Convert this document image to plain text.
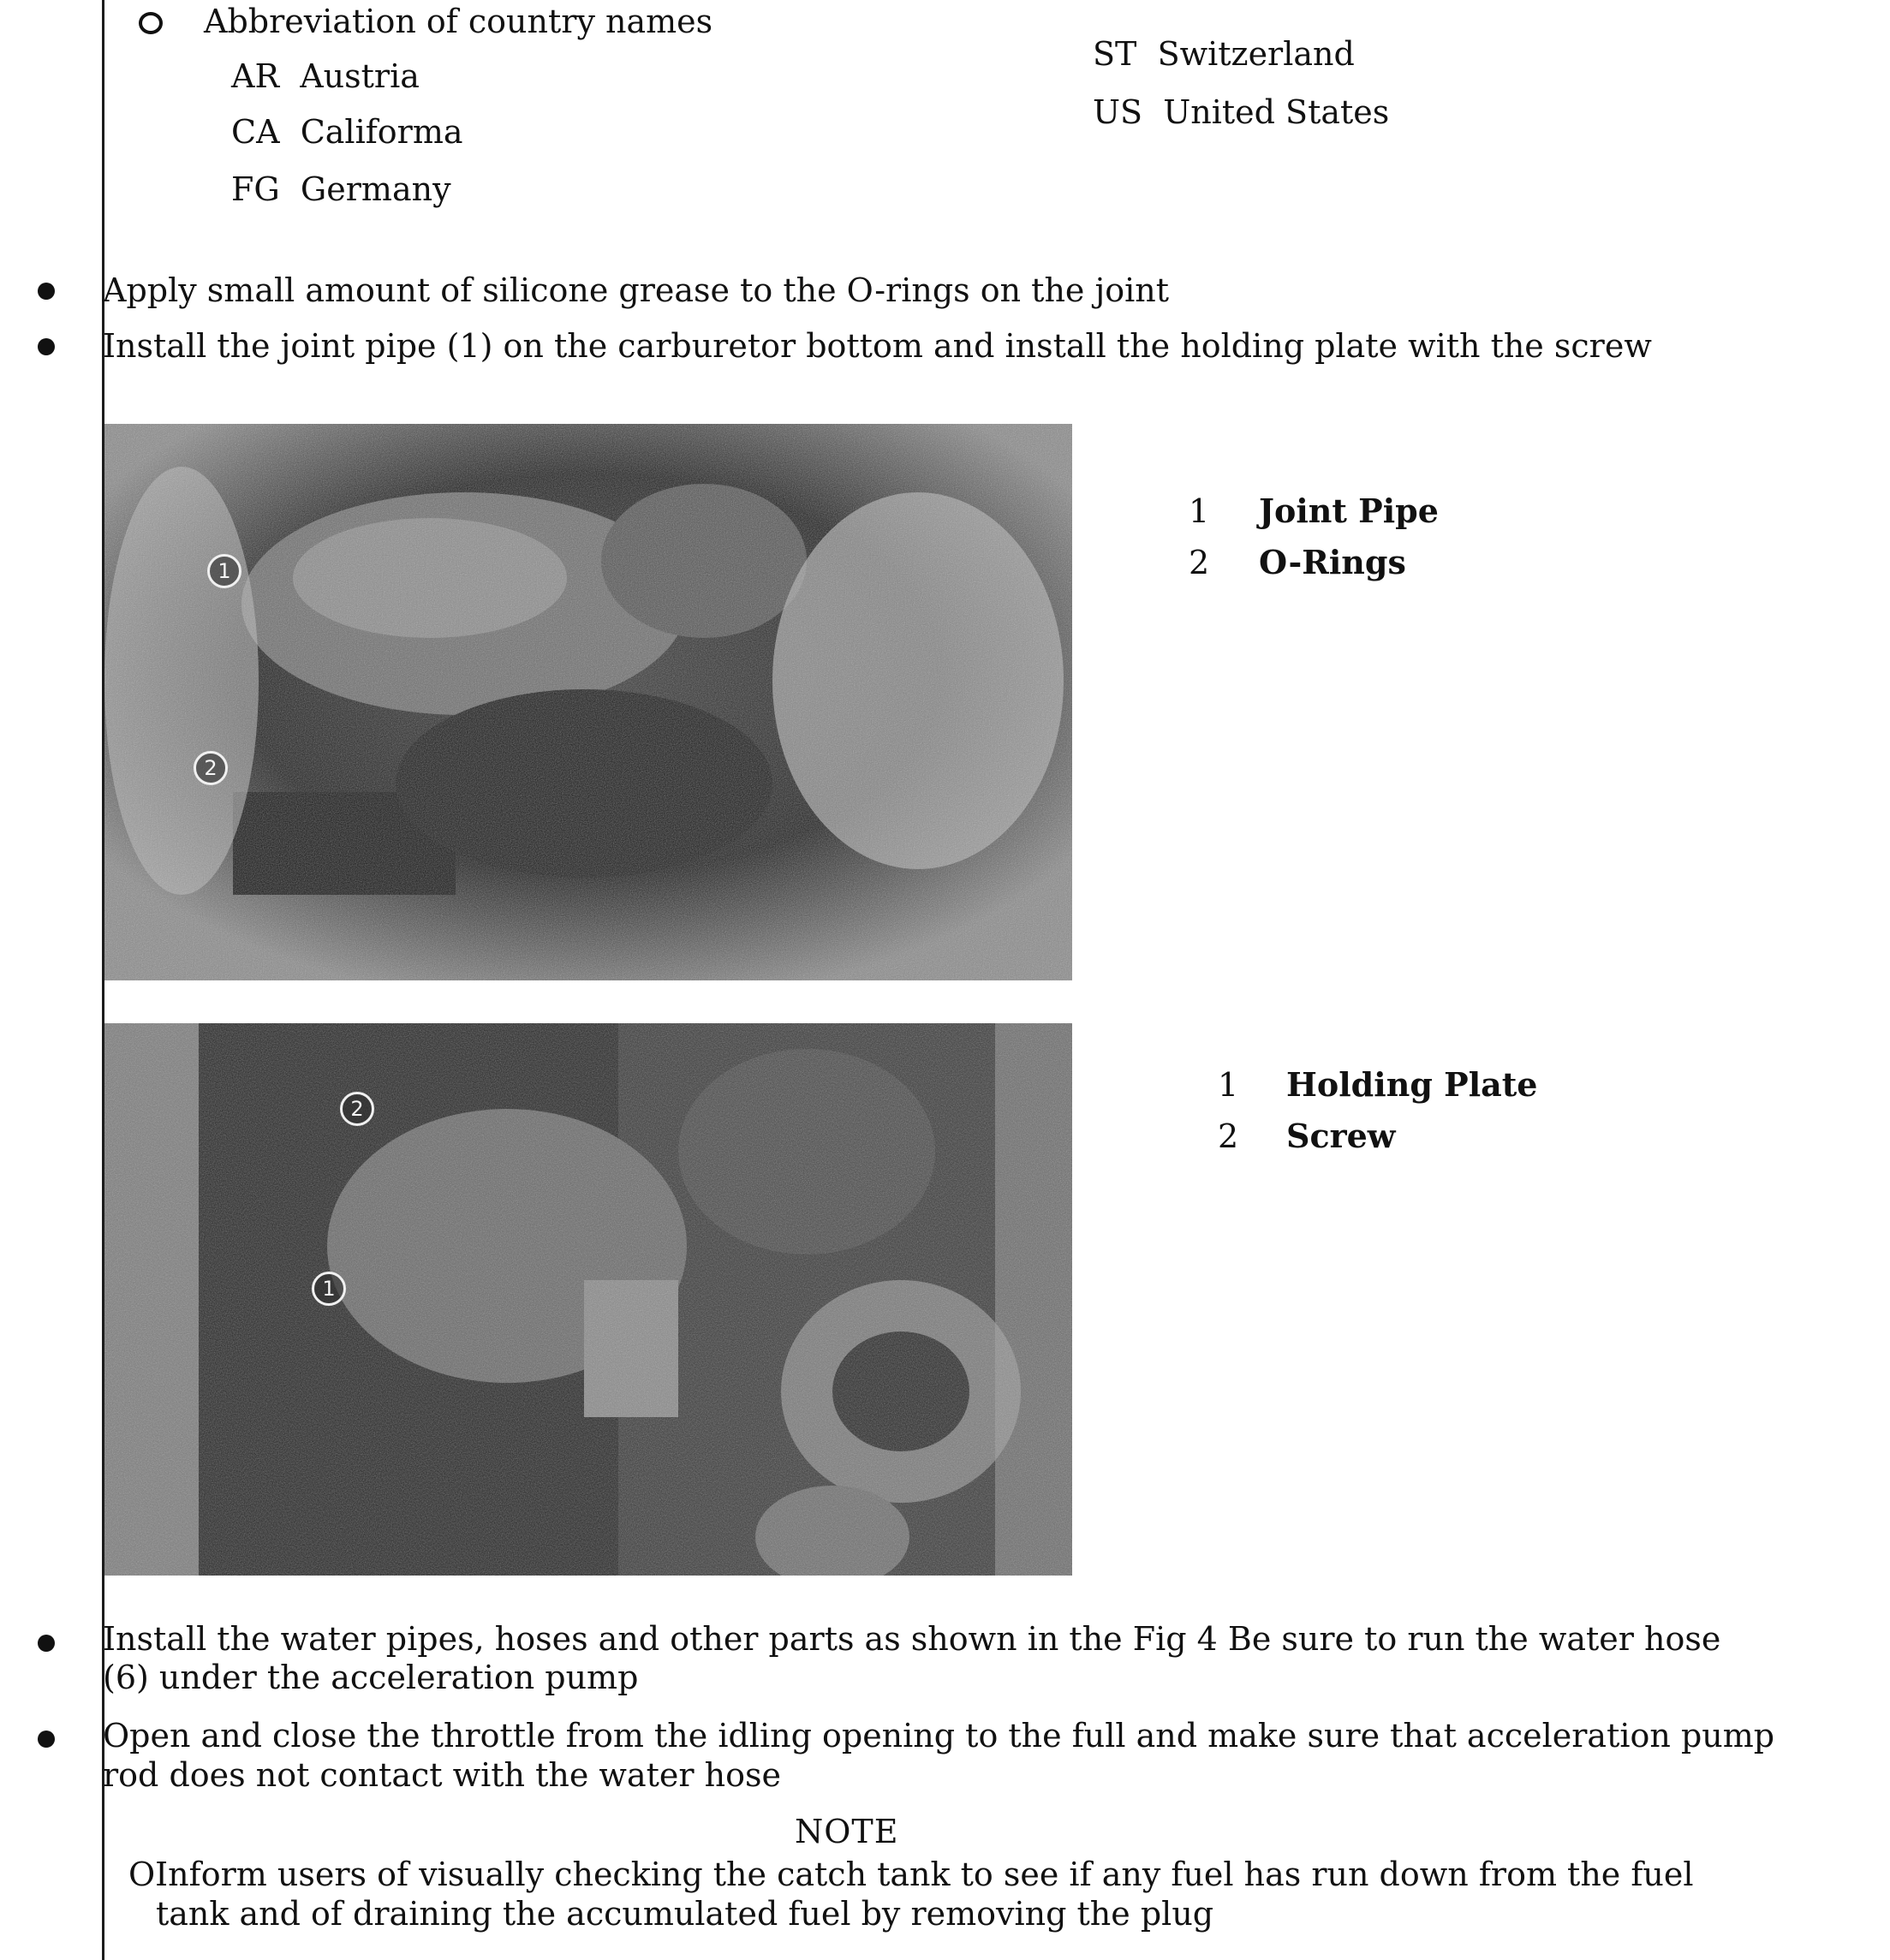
Abbreviation of country names
AR Austria
CA Califorma
FG Germany
ST Switzerland
US United States
Apply small amount of silicone grease to the O-rings on the joint
Install the joint pipe (1) on the carburetor bottom and install the holding plate with the screw
1
2
1 Joint Pipe
2 O-Rings
1
2
1 Holding Plate
2 Screw
Install the water pipes, hoses and other parts as shown in the Fig 4 Be sure to run the water hose
(6) under the acceleration pump
Open and close the throttle from the idling opening to the full and make sure that acceleration pump
rod does not contact with the water hose
NOTE
OInform users of visually checking the catch tank to see if any fuel has run down from the fuel
tank and of draining the accumulated fuel by removing the plug
